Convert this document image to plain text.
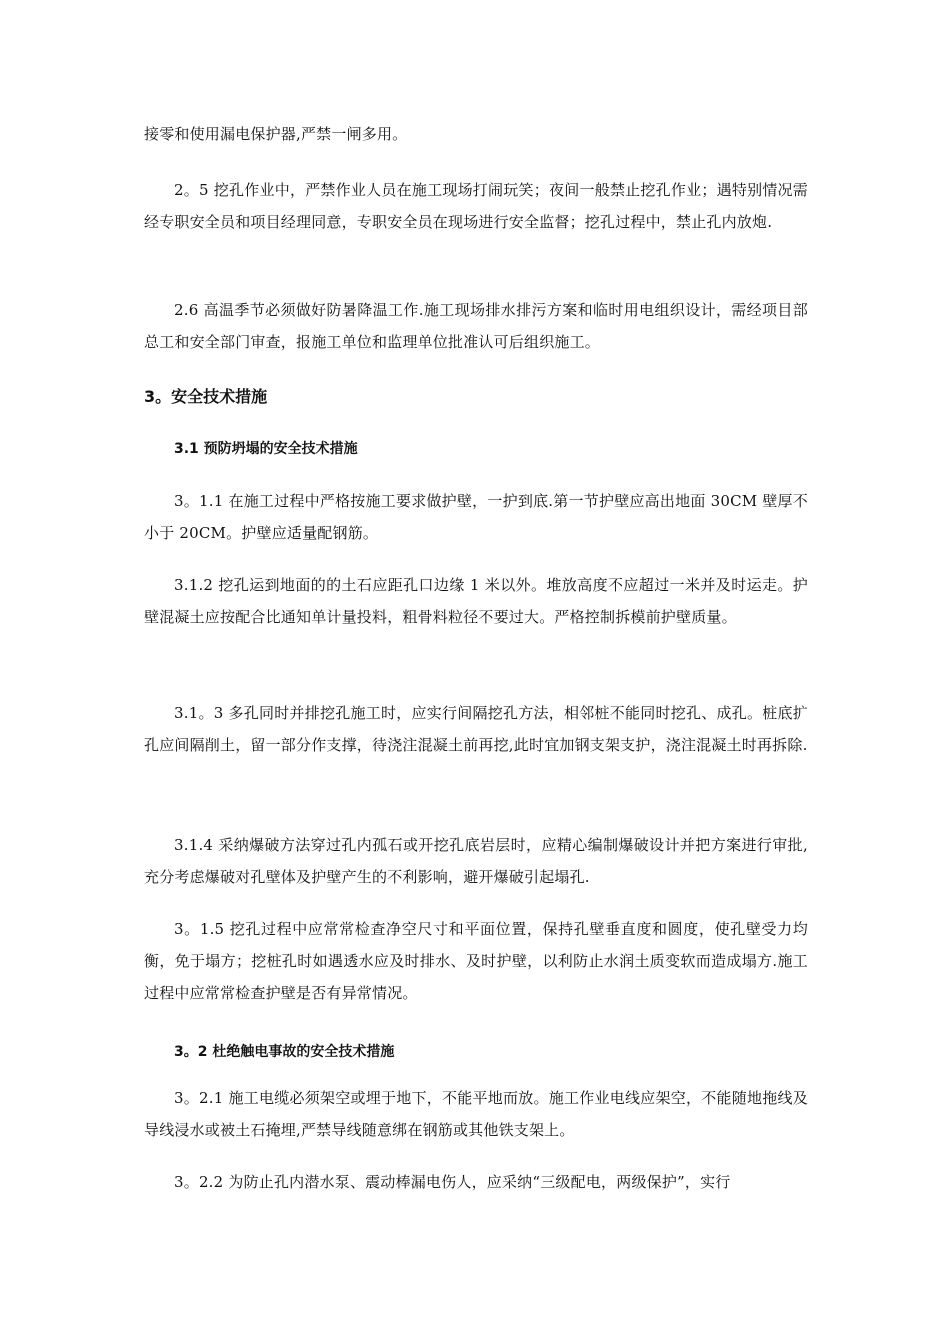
接零和使用漏电保护器,严禁一闸多用。

2。5 挖孔作业中，严禁作业人员在施工现场打闹玩笑；夜间一般禁止挖孔作业；遇特别情况需经专职安全员和项目经理同意，专职安全员在现场进行安全监督；挖孔过程中，禁止孔内放炮.

2.6 高温季节必须做好防暑降温工作.施工现场排水排污方案和临时用电组织设计，需经项目部总工和安全部门审查，报施工单位和监理单位批准认可后组织施工。

3。安全技术措施
3.1 预防坍塌的安全技术措施

3。1.1 在施工过程中严格按施工要求做护壁，一护到底.第一节护壁应高出地面 30CM 壁厚不小于 20CM。护壁应适量配钢筋。

3.1.2 挖孔运到地面的的土石应距孔口边缘 1 米以外。堆放高度不应超过一米并及时运走。护壁混凝土应按配合比通知单计量投料，粗骨料粒径不要过大。严格控制拆模前护壁质量。

3.1。3 多孔同时并排挖孔施工时，应实行间隔挖孔方法，相邻桩不能同时挖孔、成孔。桩底扩孔应间隔削土，留一部分作支撑，待浇注混凝土前再挖,此时宜加钢支架支护，浇注混凝土时再拆除.

3.1.4 采纳爆破方法穿过孔内孤石或开挖孔底岩层时，应精心编制爆破设计并把方案进行审批,充分考虑爆破对孔壁体及护壁产生的不利影响，避开爆破引起塌孔.

3。1.5 挖孔过程中应常常检查净空尺寸和平面位置，保持孔壁垂直度和圆度，使孔壁受力均衡，免于塌方；挖桩孔时如遇透水应及时排水、及时护壁，以利防止水润土质变软而造成塌方.施工过程中应常常检查护壁是否有异常情况。

3。2 杜绝触电事故的安全技术措施

3。2.1 施工电缆必须架空或埋于地下，不能平地而放。施工作业电线应架空，不能随地拖线及导线浸水或被土石掩埋,严禁导线随意绑在钢筋或其他铁支架上。

3。2.2 为防止孔内潜水泵、震动棒漏电伤人，应采纳“三级配电，两级保护”，实行
